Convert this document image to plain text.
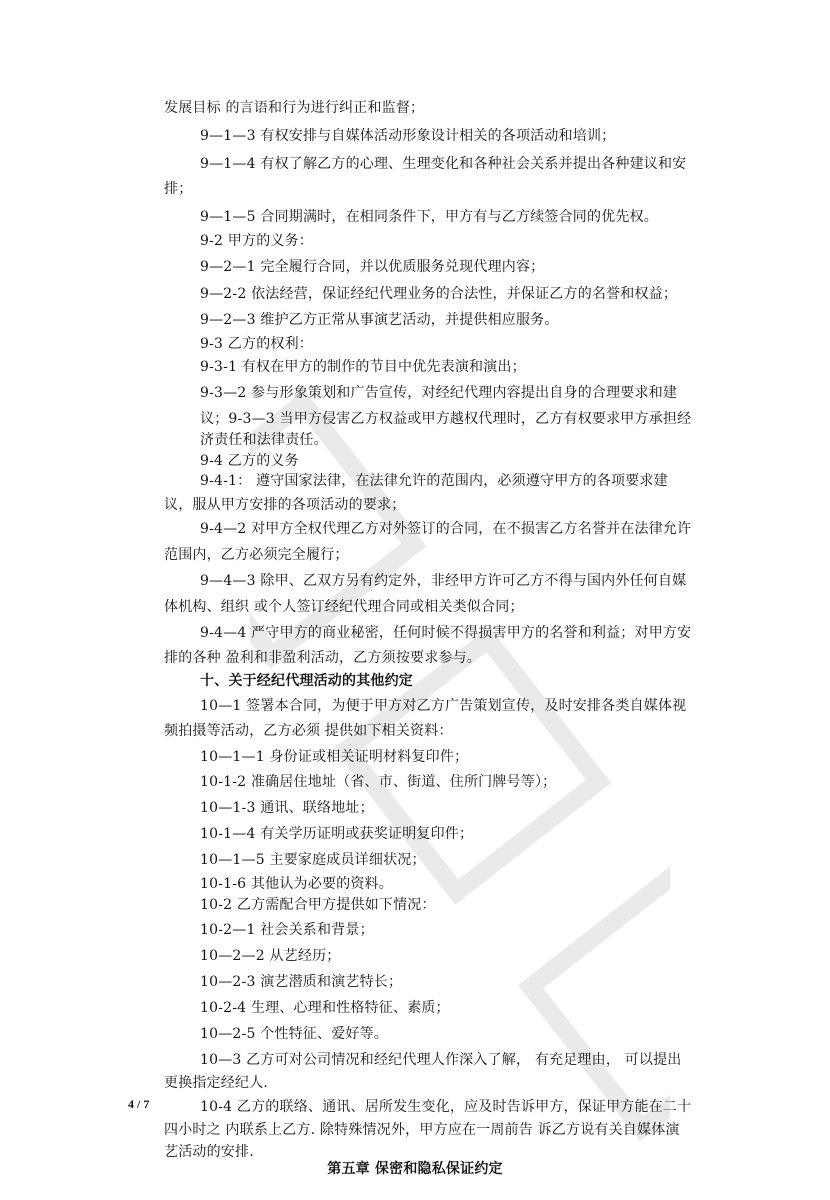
发展目标 的言语和行为进行纠正和监督；
9—1—3 有权安排与自媒体活动形象设计相关的各项活动和培训；
9—1—4 有权了解乙方的心理、生理变化和各种社会关系并提出各种建议和安
排；
9—1—5 合同期满时，在相同条件下，甲方有与乙方续签合同的优先权。
9-2 甲方的义务：
9—2—1 完全履行合同，并以优质服务兑现代理内容；
9—2-2 依法经营，保证经纪代理业务的合法性，并保证乙方的名誉和权益；
9—2—3 维护乙方正常从事演艺活动，并提供相应服务。
9-3 乙方的权利：
9-3-1 有权在甲方的制作的节目中优先表演和演出；
9-3—2 参与形象策划和广告宣传，对经纪代理内容提出自身的合理要求和建
议；9-3—3 当甲方侵害乙方权益或甲方越权代理时，乙方有权要求甲方承担经
济责任和法律责任。
9-4 乙方的义务
9-4-1： 遵守国家法律，在法律允许的范围内，必须遵守甲方的各项要求建
议，服从甲方安排的各项活动的要求；
9-4—2 对甲方全权代理乙方对外签订的合同，在不损害乙方名誉并在法律允许
范围内，乙方必须完全履行；
9—4—3 除甲、乙双方另有约定外，非经甲方许可乙方不得与国内外任何自媒
体机构、组织 或个人签订经纪代理合同或相关类似合同；
9-4—4 严守甲方的商业秘密，任何时候不得损害甲方的名誉和利益；对甲方安
排的各种 盈利和非盈利活动，乙方须按要求参与。
十、关于经纪代理活动的其他约定
10—1 签署本合同，为便于甲方对乙方广告策划宣传，及时安排各类自媒体视
频拍摄等活动，乙方必须 提供如下相关资料：
10—1—1 身份证或相关证明材料复印件；
10-1-2 准确居住地址（省、市、街道、住所门牌号等）；
10—1-3 通讯、联络地址；
10-1—4 有关学历证明或获奖证明复印件；
10—1—5 主要家庭成员详细状况；
10-1-6 其他认为必要的资料。
10-2 乙方需配合甲方提供如下情况：
10-2—1 社会关系和背景；
10—2—2 从艺经历；
10—2-3 演艺潜质和演艺特长；
10-2-4 生理、心理和性格特征、素质；
10—2-5 个性特征、爱好等。
10—3 乙方可对公司情况和经纪代理人作深入了解， 有充足理由， 可以提出
更换指定经纪人.
10-4 乙方的联络、通讯、居所发生变化，应及时告诉甲方，保证甲方能在二十
四小时之 内联系上乙方. 除特殊情况外，甲方应在一周前告 诉乙方说有关自媒体演
艺活动的安排.
第五章 保密和隐私保证约定
4 / 7
